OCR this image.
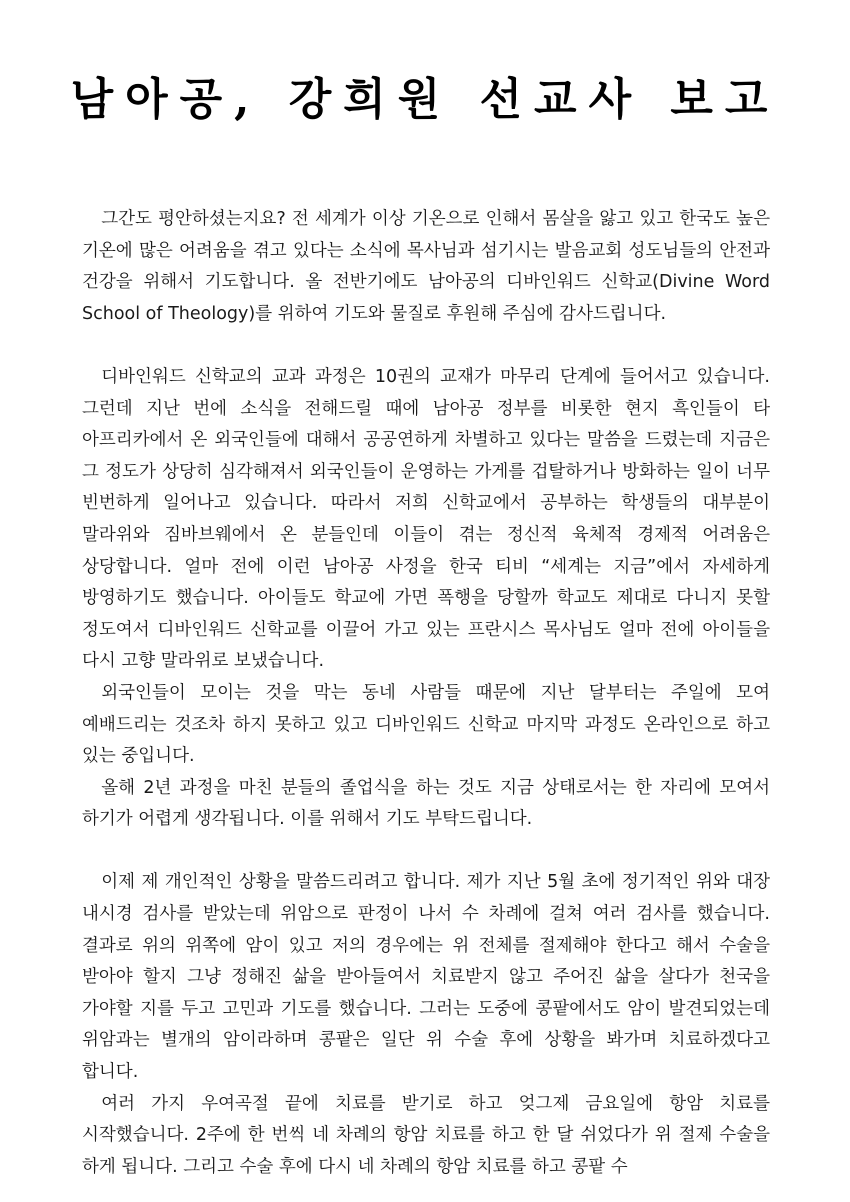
남아공, 강희원 선교사 보고

그간도 평안하셨는지요? 전 세계가 이상 기온으로 인해서 몸살을 앓고 있고 한국도 높은 기온에 많은 어려움을 겪고 있다는 소식에 목사님과 섬기시는 발음교회 성도님들의 안전과 건강을 위해서 기도합니다. 올 전반기에도 남아공의 디바인워드 신학교(Divine Word School of Theology)를 위하여 기도와 물질로 후원해 주심에 감사드립니다.

디바인워드 신학교의 교과 과정은 10권의 교재가 마무리 단계에 들어서고 있습니다. 그런데 지난 번에 소식을 전해드릴 때에 남아공 정부를 비롯한 현지 흑인들이 타 아프리카에서 온 외국인들에 대해서 공공연하게 차별하고 있다는 말씀을 드렸는데 지금은 그 정도가 상당히 심각해져서 외국인들이 운영하는 가게를 겁탈하거나 방화하는 일이 너무 빈번하게 일어나고 있습니다. 따라서 저희 신학교에서 공부하는 학생들의 대부분이 말라위와 짐바브웨에서 온 분들인데 이들이 겪는 정신적 육체적 경제적 어려움은 상당합니다. 얼마 전에 이런 남아공 사정을 한국 티비 “세계는 지금”에서 자세하게 방영하기도 했습니다. 아이들도 학교에 가면 폭행을 당할까 학교도 제대로 다니지 못할 정도여서 디바인워드 신학교를 이끌어 가고 있는 프란시스 목사님도 얼마 전에 아이들을 다시 고향 말라위로 보냈습니다.

외국인들이 모이는 것을 막는 동네 사람들 때문에 지난 달부터는 주일에 모여 예배드리는 것조차 하지 못하고 있고 디바인워드 신학교 마지막 과정도 온라인으로 하고 있는 중입니다.

올해 2년 과정을 마친 분들의 졸업식을 하는 것도 지금 상태로서는 한 자리에 모여서 하기가 어렵게 생각됩니다. 이를 위해서 기도 부탁드립니다.

이제 제 개인적인 상황을 말씀드리려고 합니다. 제가 지난 5월 초에 정기적인 위와 대장 내시경 검사를 받았는데 위암으로 판정이 나서 수 차례에 걸쳐 여러 검사를 했습니다. 결과로 위의 위쪽에 암이 있고 저의 경우에는 위 전체를 절제해야 한다고 해서 수술을 받아야 할지 그냥 정해진 삶을 받아들여서 치료받지 않고 주어진 삶을 살다가 천국을 가야할 지를 두고 고민과 기도를 했습니다. 그러는 도중에 콩팥에서도 암이 발견되었는데 위암과는 별개의 암이라하며 콩팥은 일단 위 수술 후에 상황을 봐가며 치료하겠다고 합니다.

여러 가지 우여곡절 끝에 치료를 받기로 하고 엊그제 금요일에 항암 치료를 시작했습니다. 2주에 한 번씩 네 차례의 항암 치료를 하고 한 달 쉬었다가 위 절제 수술을 하게 됩니다. 그리고 수술 후에 다시 네 차례의 항암 치료를 하고 콩팥 수
